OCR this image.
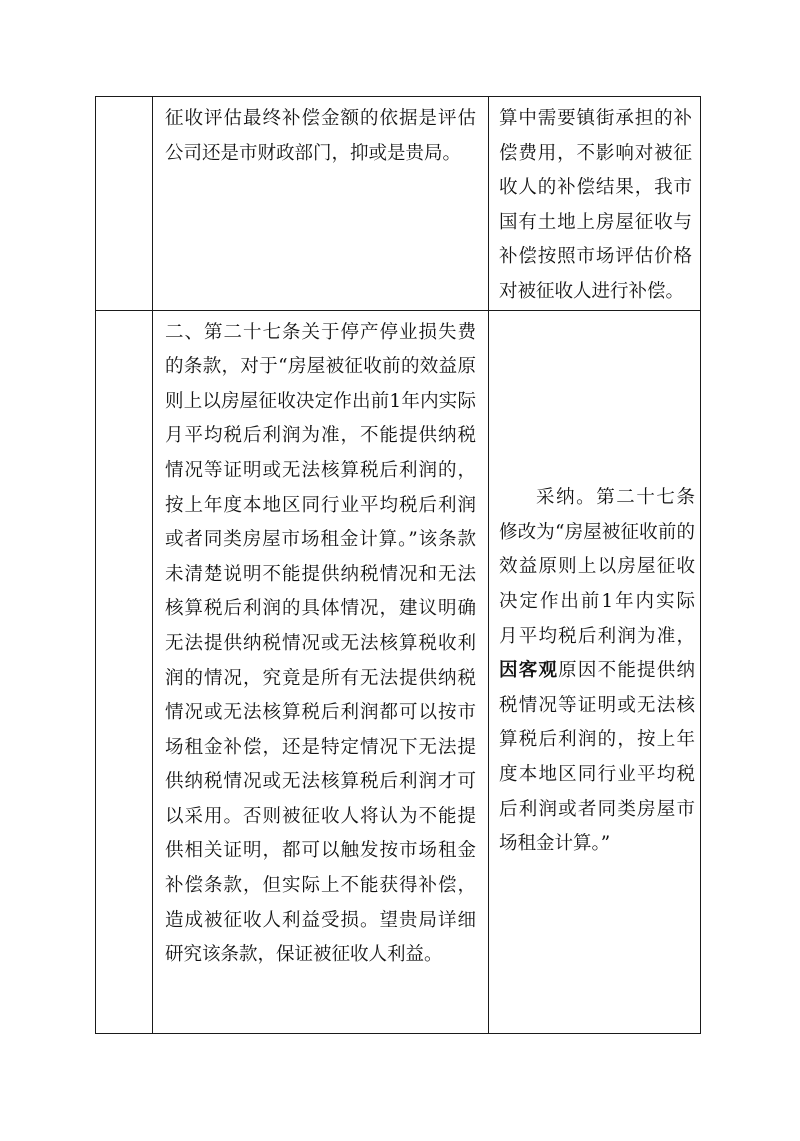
	征收评估最终补偿金额的依据是评估公司还是市财政部门，抑或是贵局。	算中需要镇街承担的补偿费用，不影响对被征收人的补偿结果，我市国有土地上房屋征收与补偿按照市场评估价格对被征收人进行补偿。

	二、第二十七条关于停产停业损失费的条款，对于“房屋被征收前的效益原则上以房屋征收决定作出前1年内实际月平均税后利润为准，不能提供纳税情况等证明或无法核算税后利润的，按上年度本地区同行业平均税后利润或者同类房屋市场租金计算。”该条款未清楚说明不能提供纳税情况和无法核算税后利润的具体情况，建议明确无法提供纳税情况或无法核算税收利润的情况，究竟是所有无法提供纳税情况或无法核算税后利润都可以按市场租金补偿，还是特定情况下无法提供纳税情况或无法核算税后利润才可以采用。否则被征收人将认为不能提供相关证明，都可以触发按市场租金补偿条款，但实际上不能获得补偿，造成被征收人利益受损。望贵局详细研究该条款，保证被征收人利益。	采纳。第二十七条修改为“房屋被征收前的效益原则上以房屋征收决定作出前1年内实际月平均税后利润为准，因客观原因不能提供纳税情况等证明或无法核算税后利润的，按上年度本地区同行业平均税后利润或者同类房屋市场租金计算。”
